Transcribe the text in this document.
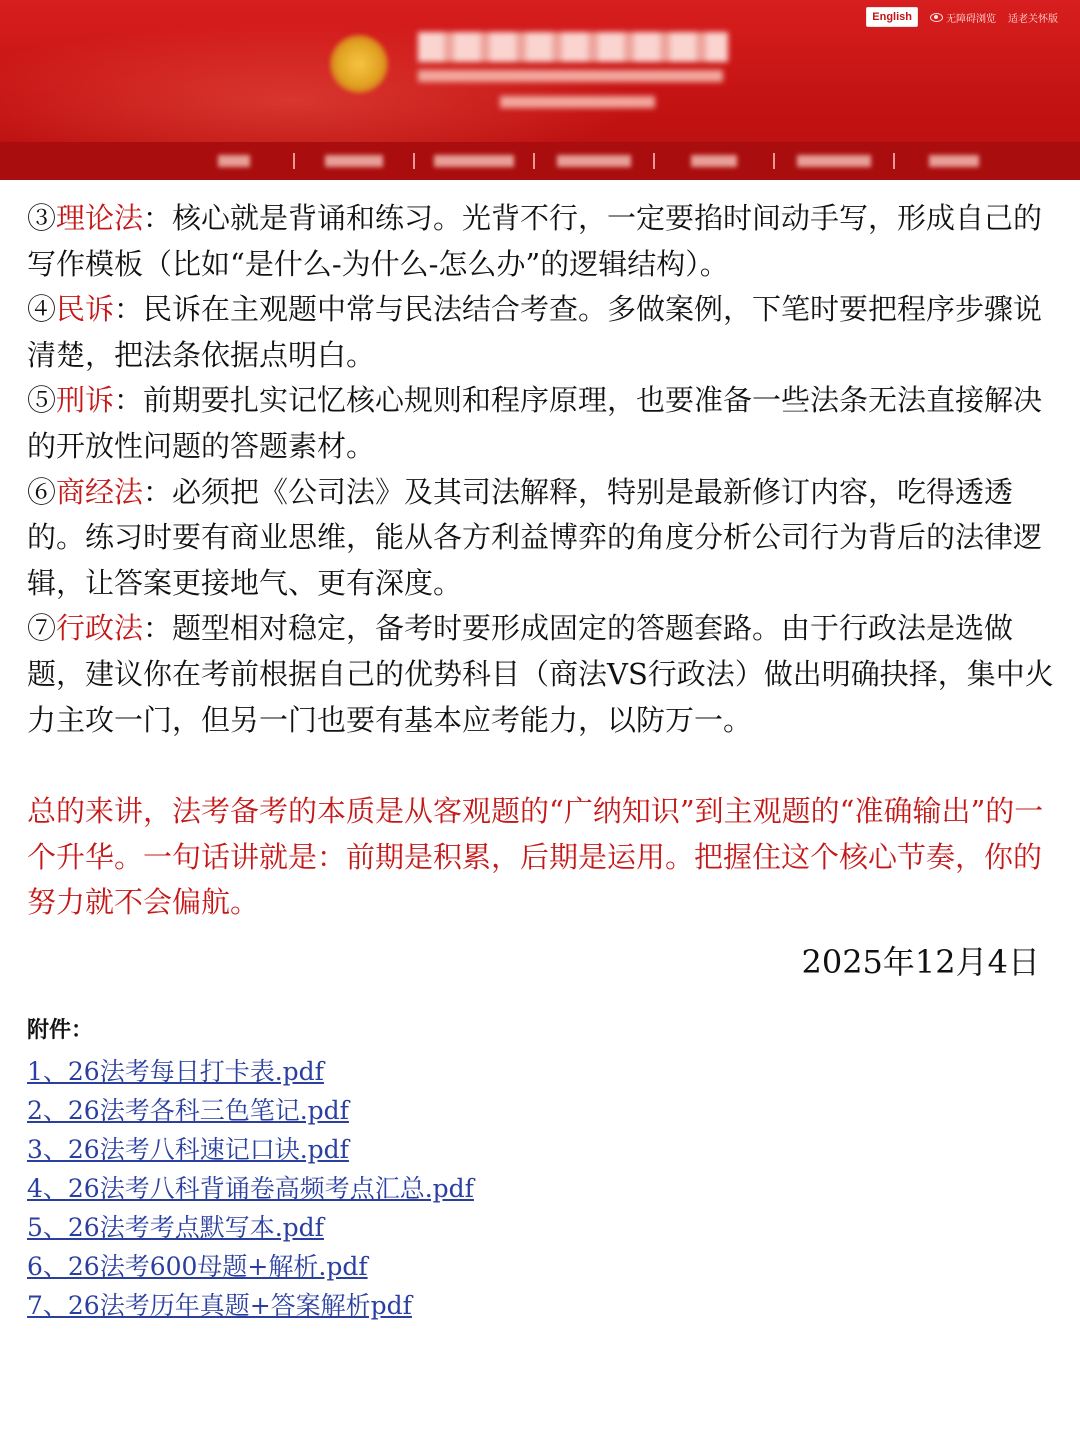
English	无障碍浏览 适老关怀版

③理论法：核心就是背诵和练习。光背不行，一定要掐时间动手写，形成自己的写作模板（比如“是什么-为什么-怎么办”的逻辑结构）。

④民诉：民诉在主观题中常与民法结合考查。多做案例，下笔时要把程序步骤说清楚，把法条依据点明白。

⑤刑诉：前期要扎实记忆核心规则和程序原理，也要准备一些法条无法直接解决的开放性问题的答题素材。

⑥商经法：必须把《公司法》及其司法解释，特别是最新修订内容，吃得透透的。练习时要有商业思维，能从各方利益博弈的角度分析公司行为背后的法律逻辑，让答案更接地气、更有深度。

⑦行政法：题型相对稳定，备考时要形成固定的答题套路。由于行政法是选做题，建议你在考前根据自己的优势科目（商法VS行政法）做出明确抉择，集中火力主攻一门，但另一门也要有基本应考能力，以防万一。

总的来讲，法考备考的本质是从客观题的“广纳知识”到主观题的“准确输出”的一个升华。一句话讲就是：前期是积累，后期是运用。把握住这个核心节奏，你的努力就不会偏航。

2025年12月4日
附件：
1、26法考每日打卡表.pdf
2、26法考各科三色笔记.pdf
3、26法考八科速记口诀.pdf
4、26法考八科背诵卷高频考点汇总.pdf
5、26法考考点默写本.pdf
6、26法考600母题+解析.pdf
7、26法考历年真题+答案解析pdf
